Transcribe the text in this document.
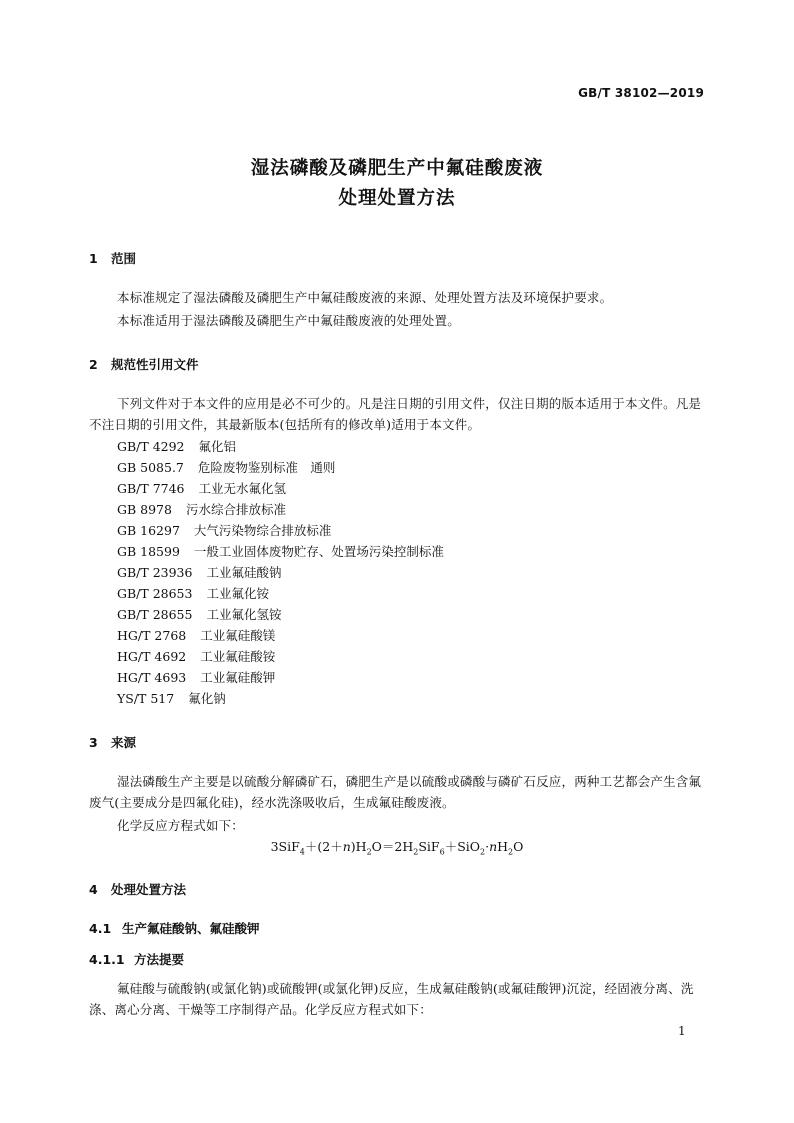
GB/T 38102—2019
湿法磷酸及磷肥生产中氟硅酸废液
处理处置方法
1 范围
本标准规定了湿法磷酸及磷肥生产中氟硅酸废液的来源、处理处置方法及环境保护要求。
本标准适用于湿法磷酸及磷肥生产中氟硅酸废液的处理处置。
2 规范性引用文件
下列文件对于本文件的应用是必不可少的。凡是注日期的引用文件，仅注日期的版本适用于本文件。凡是不注日期的引用文件，其最新版本(包括所有的修改单)适用于本文件。
GB/T 4292 氟化铝
GB 5085.7 危险废物鉴别标准　通则
GB/T 7746 工业无水氟化氢
GB 8978 污水综合排放标准
GB 16297 大气污染物综合排放标准
GB 18599 一般工业固体废物贮存、处置场污染控制标准
GB/T 23936 工业氟硅酸钠
GB/T 28653 工业氟化铵
GB/T 28655 工业氟化氢铵
HG/T 2768 工业氟硅酸镁
HG/T 4692 工业氟硅酸铵
HG/T 4693 工业氟硅酸钾
YS/T 517 氟化钠
3 来源
湿法磷酸生产主要是以硫酸分解磷矿石，磷肥生产是以硫酸或磷酸与磷矿石反应，两种工艺都会产生含氟废气(主要成分是四氟化硅)，经水洗涤吸收后，生成氟硅酸废液。
化学反应方程式如下：
$3SiF_4+(2+n)H_2O=2H_2SiF_6+SiO_2\cdot nH_2O$
4 处理处置方法
4.1 生产氟硅酸钠、氟硅酸钾
4.1.1 方法提要
氟硅酸与硫酸钠(或氯化钠)或硫酸钾(或氯化钾)反应，生成氟硅酸钠(或氟硅酸钾)沉淀，经固液分离、洗涤、离心分离、干燥等工序制得产品。化学反应方程式如下：
1
